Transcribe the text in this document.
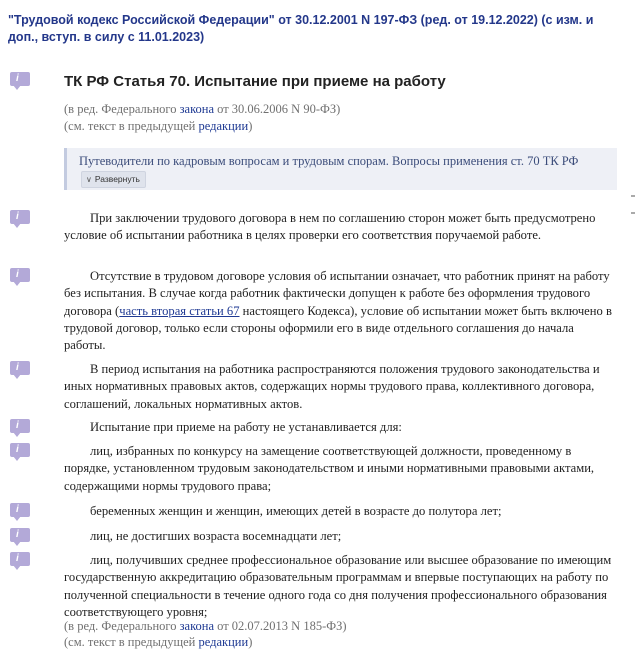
"Трудовой кодекс Российской Федерации" от 30.12.2001 N 197-ФЗ (ред. от 19.12.2022) (с изм. и доп., вступ. в силу с 11.01.2023)
i
i
i
i
i
i
i
i
i
ТК РФ Статья 70. Испытание при приеме на работу
(в ред. Федерального закона от 30.06.2006 N 90-ФЗ)
(см. текст в предыдущей редакции)
Путеводители по кадровым вопросам и трудовым спорам. Вопросы применения ст. 70 ТК РФ
∨ Развернуть

При заключении трудового договора в нем по соглашению сторон может быть предусмотрено условие об испытании работника в целях проверки его соответствия поручаемой работе.

Отсутствие в трудовом договоре условия об испытании означает, что работник принят на работу без испытания. В случае когда работник фактически допущен к работе без оформления трудового договора (часть вторая статьи 67 настоящего Кодекса), условие об испытании может быть включено в трудовой договор, только если стороны оформили его в виде отдельного соглашения до начала работы.

В период испытания на работника распространяются положения трудового законодательства и иных нормативных правовых актов, содержащих нормы трудового права, коллективного договора, соглашений, локальных нормативных актов.

Испытание при приеме на работу не устанавливается для:

лиц, избранных по конкурсу на замещение соответствующей должности, проведенному в порядке, установленном трудовым законодательством и иными нормативными правовыми актами, содержащими нормы трудового права;

беременных женщин и женщин, имеющих детей в возрасте до полутора лет;

лиц, не достигших возраста восемнадцати лет;

лиц, получивших среднее профессиональное образование или высшее образование по имеющим государственную аккредитацию образовательным программам и впервые поступающих на работу по полученной специальности в течение одного года со дня получения профессионального образования соответствующего уровня;

(в ред. Федерального закона от 02.07.2013 N 185-ФЗ)
(см. текст в предыдущей редакции)
